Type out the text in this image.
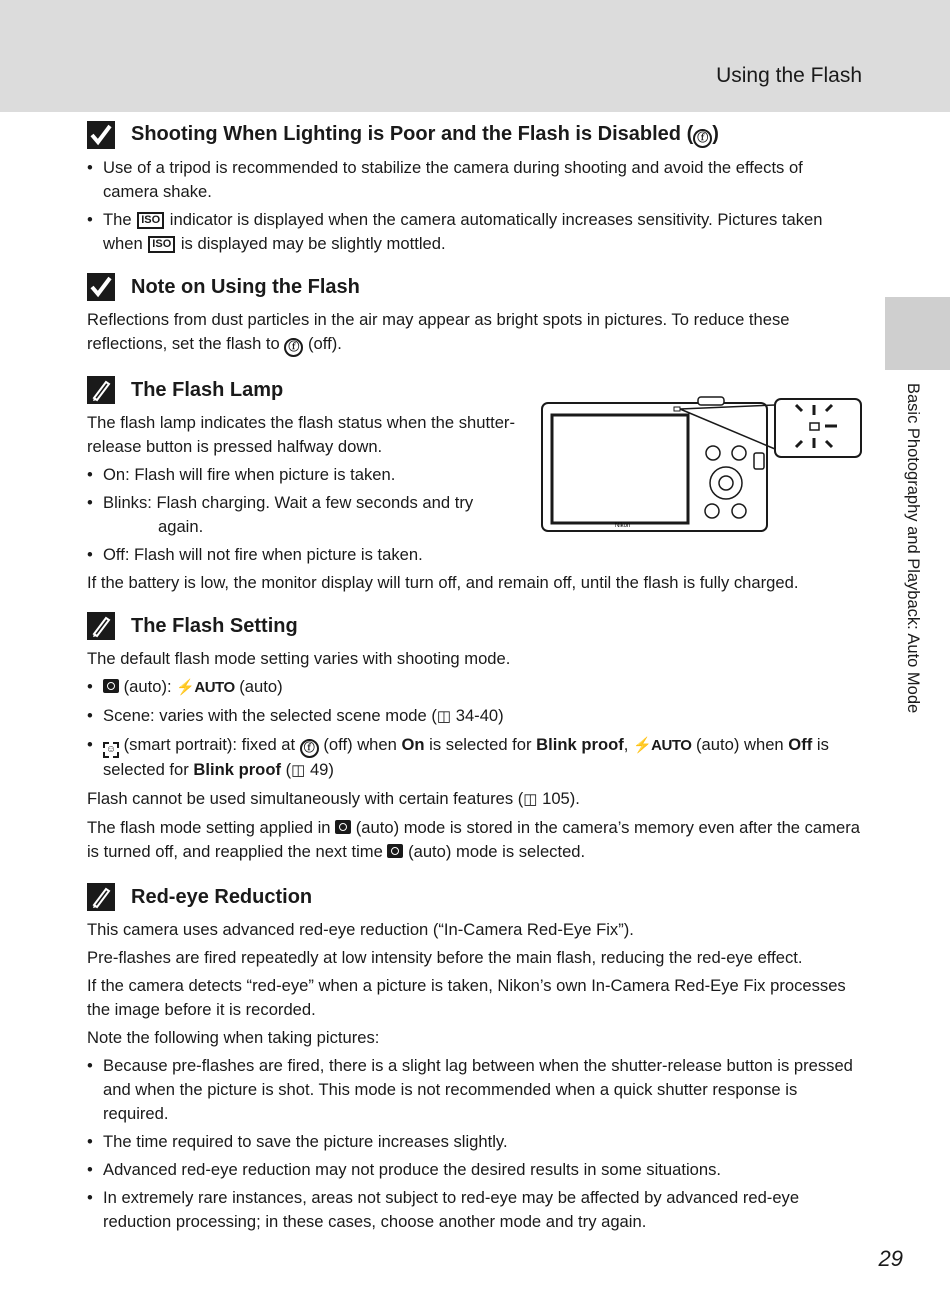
Using the Flash
Basic Photography and Playback: Auto Mode
Shooting When Lighting is Poor and the Flash is Disabled ( ⓕ )
• Use of a tripod is recommended to stabilize the camera during shooting and avoid the effects of camera shake.
• The ISO indicator is displayed when the camera automatically increases sensitivity. Pictures taken when ISO is displayed may be slightly mottled.
Note on Using the Flash

Reflections from dust particles in the air may appear as bright spots in pictures. To reduce these reflections, set the flash to ⓕ (off).

The Flash Lamp

The flash lamp indicates the flash status when the shutter-release button is pressed halfway down.

• On: Flash will fire when picture is taken.
• Blinks: Flash charging. Wait a few seconds and try
again.
• Off: Flash will not fire when picture is taken.
Nikon

If the battery is low, the monitor display will turn off, and remain off, until the flash is fully charged.

The Flash Setting

The default flash mode setting varies with shooting mode.

• (auto): ⚡AUTO (auto)
• Scene: varies with the selected scene mode (◫ 34-40)
• ☺ (smart portrait): fixed at ⓕ (off) when On is selected for Blink proof, ⚡AUTO (auto) when Off is selected for Blink proof (◫ 49)

Flash cannot be used simultaneously with certain features (◫ 105).

The flash mode setting applied in (auto) mode is stored in the camera’s memory even after the camera is turned off, and reapplied the next time (auto) mode is selected.

Red-eye Reduction

This camera uses advanced red-eye reduction (“In-Camera Red-Eye Fix”).

Pre-flashes are fired repeatedly at low intensity before the main flash, reducing the red-eye effect.

If the camera detects “red-eye” when a picture is taken, Nikon’s own In-Camera Red-Eye Fix processes the image before it is recorded.

Note the following when taking pictures:

• Because pre-flashes are fired, there is a slight lag between when the shutter-release button is pressed and when the picture is shot. This mode is not recommended when a quick shutter response is required.
• The time required to save the picture increases slightly.
• Advanced red-eye reduction may not produce the desired results in some situations.
• In extremely rare instances, areas not subject to red-eye may be affected by advanced red-eye reduction processing; in these cases, choose another mode and try again.
29
